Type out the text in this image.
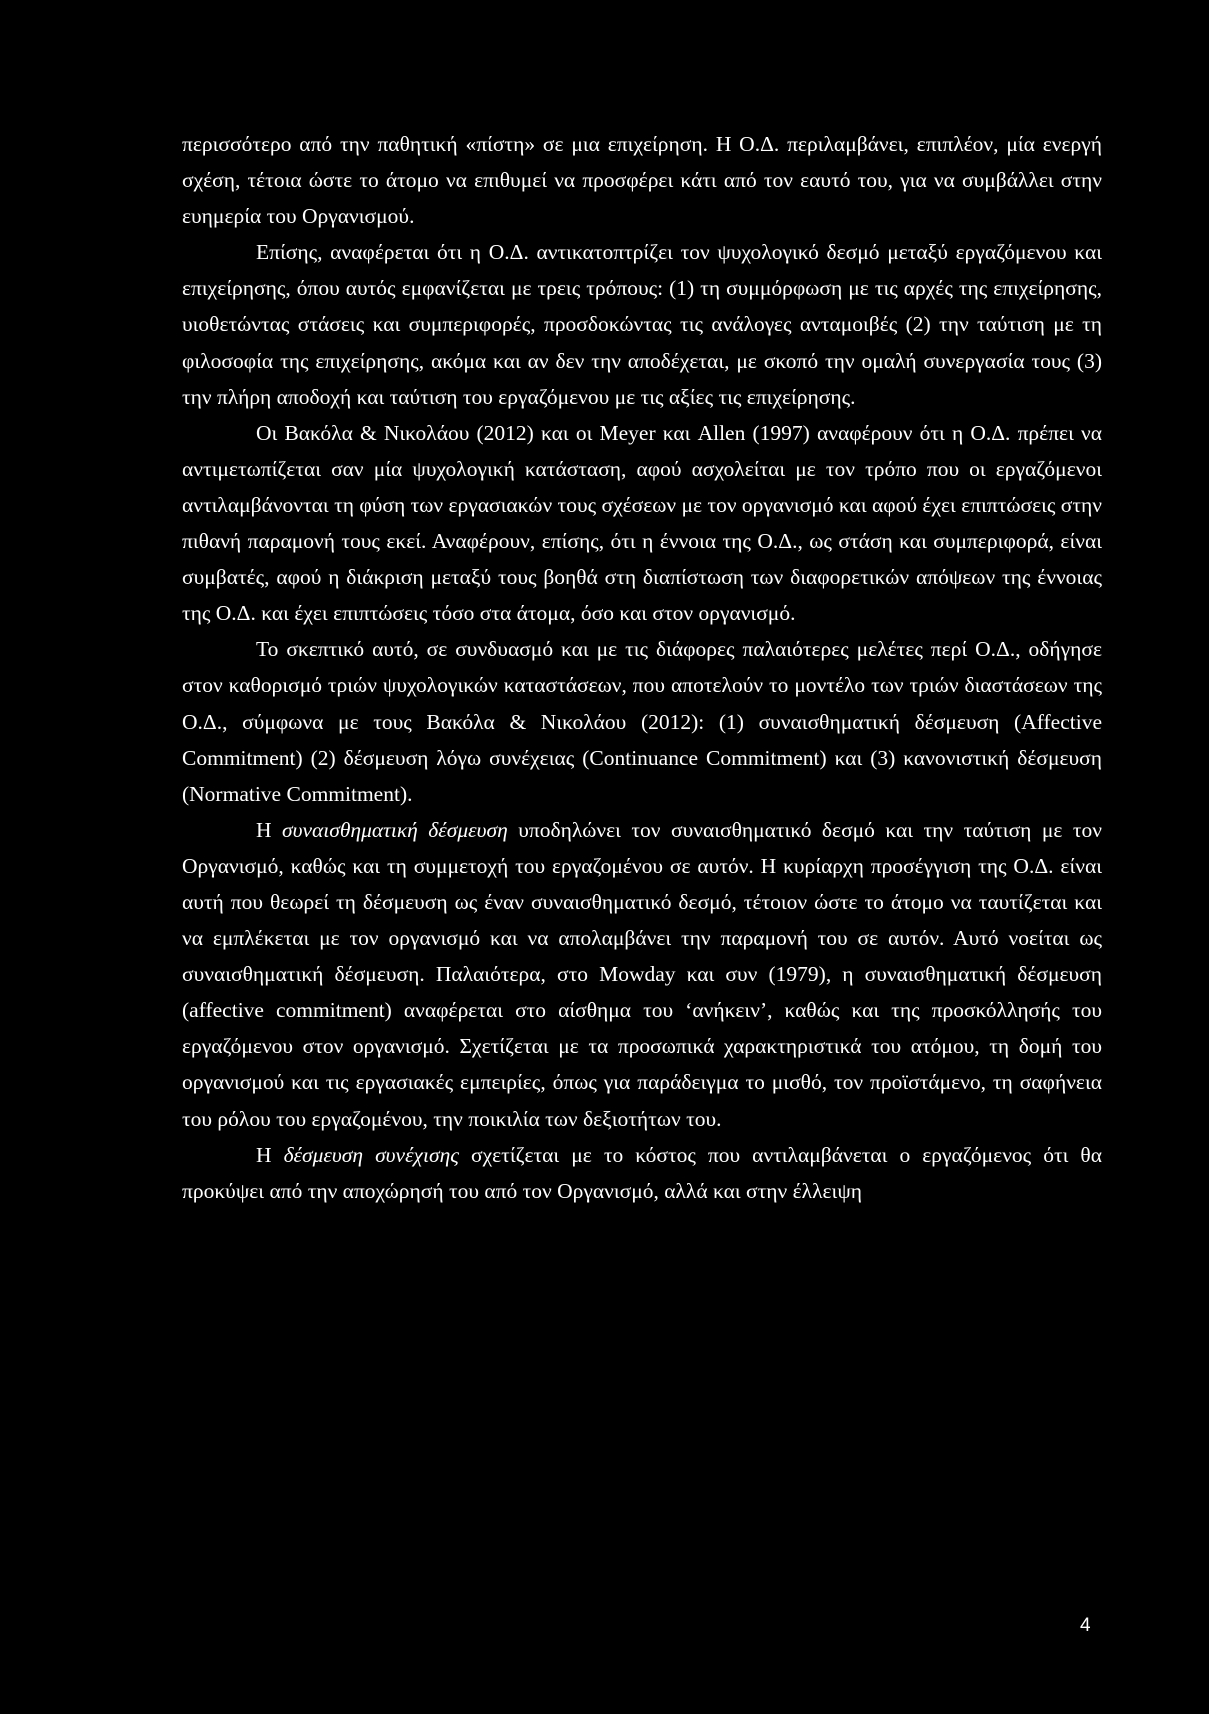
περισσότερο από την παθητική «πίστη» σε μια επιχείρηση. Η Ο.Δ. περιλαμβάνει, επιπλέον, μία ενεργή σχέση, τέτοια ώστε το άτομο να επιθυμεί να προσφέρει κάτι από τον εαυτό του, για να συμβάλλει στην ευημερία του Οργανισμού.

Επίσης, αναφέρεται ότι η Ο.Δ. αντικατοπτρίζει τον ψυχολογικό δεσμό μεταξύ εργαζόμενου και επιχείρησης, όπου αυτός εμφανίζεται με τρεις τρόπους: (1) τη συμμόρφωση με τις αρχές της επιχείρησης, υιοθετώντας στάσεις και συμπεριφορές, προσδοκώντας τις ανάλογες ανταμοιβές (2) την ταύτιση με τη φιλοσοφία της επιχείρησης, ακόμα και αν δεν την αποδέχεται, με σκοπό την ομαλή συνεργασία τους (3) την πλήρη αποδοχή και ταύτιση του εργαζόμενου με τις αξίες τις επιχείρησης.

Οι Βακόλα & Νικολάου (2012) και οι Meyer και Allen (1997) αναφέρουν ότι η Ο.Δ. πρέπει να αντιμετωπίζεται σαν μία ψυχολογική κατάσταση, αφού ασχολείται με τον τρόπο που οι εργαζόμενοι αντιλαμβάνονται τη φύση των εργασιακών τους σχέσεων με τον οργανισμό και αφού έχει επιπτώσεις στην πιθανή παραμονή τους εκεί. Αναφέρουν, επίσης, ότι η έννοια της Ο.Δ., ως στάση και συμπεριφορά, είναι συμβατές, αφού η διάκριση μεταξύ τους βοηθά στη διαπίστωση των διαφορετικών απόψεων της έννοιας της Ο.Δ. και έχει επιπτώσεις τόσο στα άτομα, όσο και στον οργανισμό.

Το σκεπτικό αυτό, σε συνδυασμό και με τις διάφορες παλαιότερες μελέτες περί Ο.Δ., οδήγησε στον καθορισμό τριών ψυχολογικών καταστάσεων, που αποτελούν το μοντέλο των τριών διαστάσεων της Ο.Δ., σύμφωνα με τους Βακόλα & Νικολάου (2012): (1) συναισθηματική δέσμευση (Affective Commitment) (2) δέσμευση λόγω συνέχειας (Continuance Commitment) και (3) κανονιστική δέσμευση (Normative Commitment).

Η συναισθηματική δέσμευση υποδηλώνει τον συναισθηματικό δεσμό και την ταύτιση με τον Οργανισμό, καθώς και τη συμμετοχή του εργαζομένου σε αυτόν. Η κυρίαρχη προσέγγιση της Ο.Δ. είναι αυτή που θεωρεί τη δέσμευση ως έναν συναισθηματικό δεσμό, τέτοιον ώστε το άτομο να ταυτίζεται και να εμπλέκεται με τον οργανισμό και να απολαμβάνει την παραμονή του σε αυτόν. Αυτό νοείται ως συναισθηματική δέσμευση. Παλαιότερα, στο Mowday και συν (1979), η συναισθηματική δέσμευση (affective commitment) αναφέρεται στο αίσθημα του ‘ανήκειν’, καθώς και της προσκόλλησής του εργαζόμενου στον οργανισμό. Σχετίζεται με τα προσωπικά χαρακτηριστικά του ατόμου, τη δομή του οργανισμού και τις εργασιακές εμπειρίες, όπως για παράδειγμα το μισθό, τον προϊστάμενο, τη σαφήνεια του ρόλου του εργαζομένου, την ποικιλία των δεξιοτήτων του.

Η δέσμευση συνέχισης σχετίζεται με το κόστος που αντιλαμβάνεται ο εργαζόμενος ότι θα προκύψει από την αποχώρησή του από τον Οργανισμό, αλλά και στην έλλειψη

4
